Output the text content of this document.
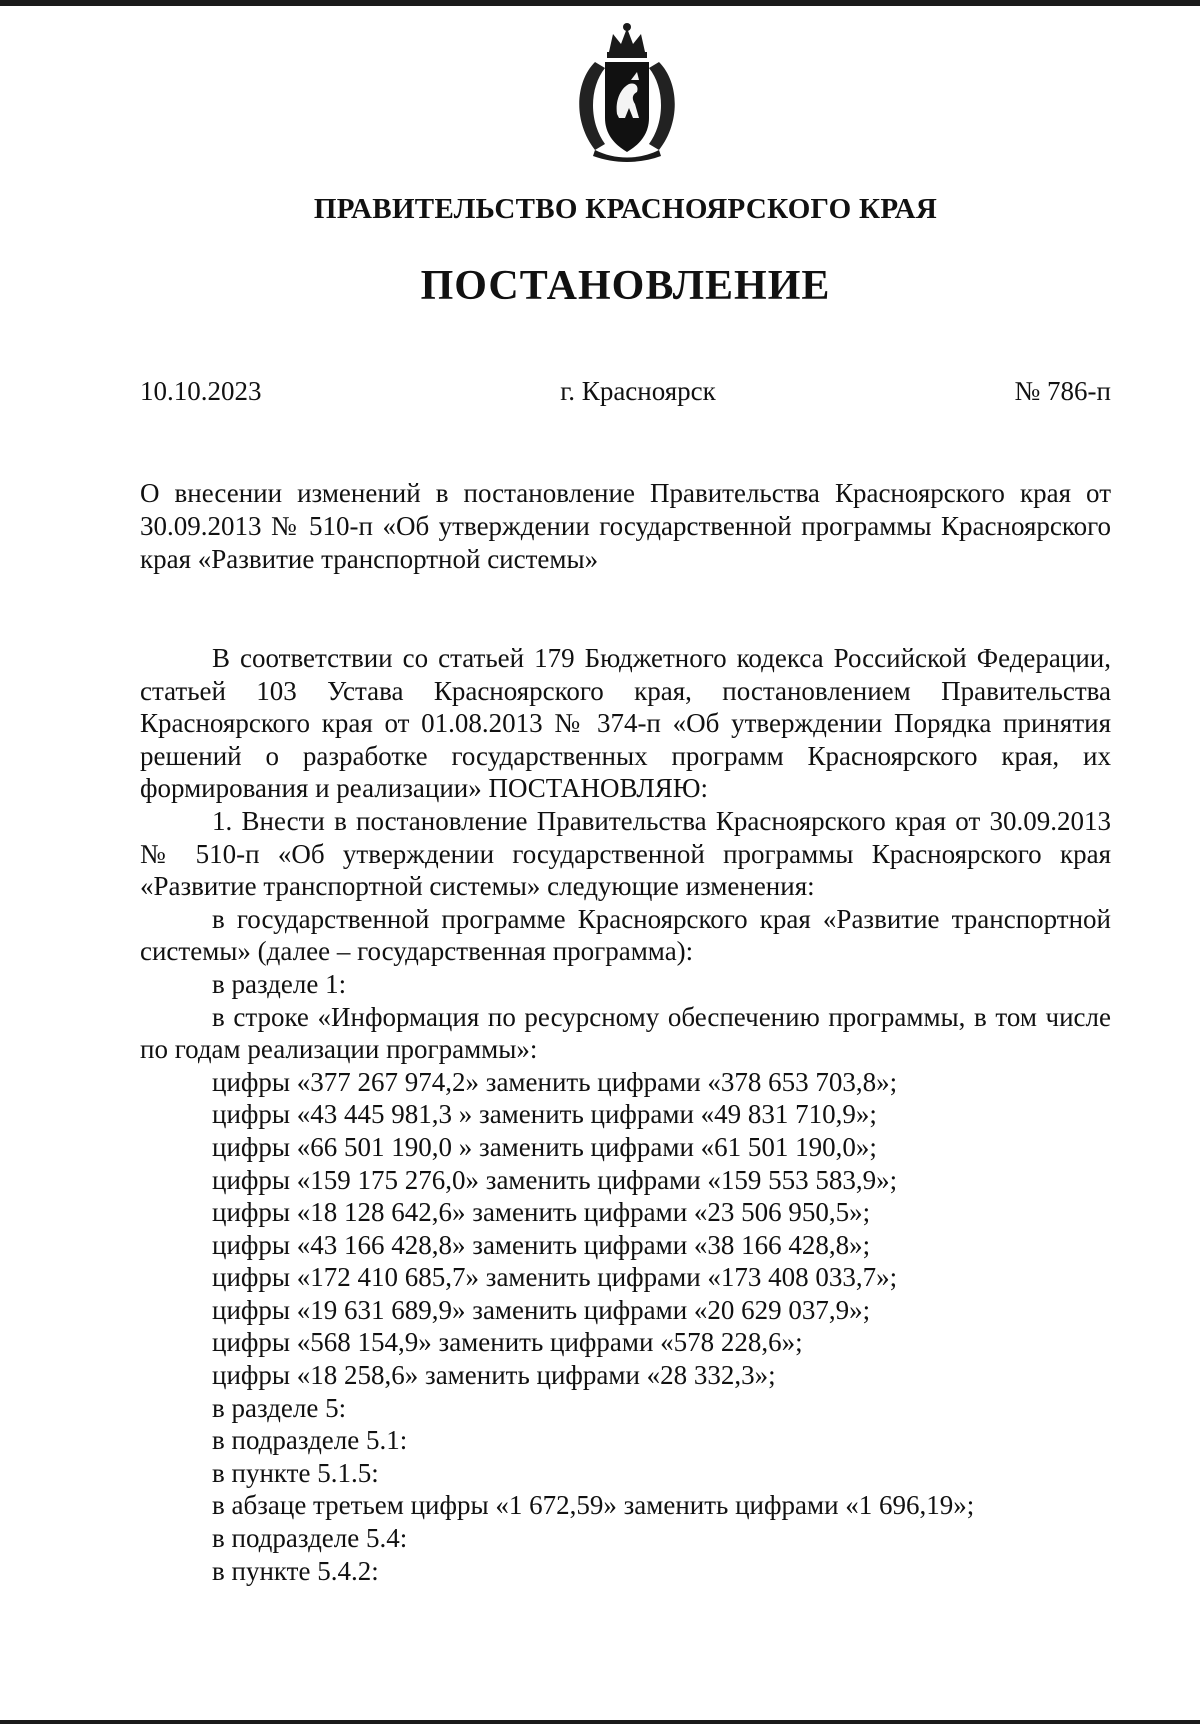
ПРАВИТЕЛЬСТВО КРАСНОЯРСКОГО КРАЯ
ПОСТАНОВЛЕНИЕ
10.10.2023	г. Красноярск	№ 786-п
О внесении изменений в постановление Правительства Красноярского края от 30.09.2013 № 510-п «Об утверждении государственной программы Красноярского края «Развитие транспортной системы»

В соответствии со статьей 179 Бюджетного кодекса Российской Федерации, статьей 103 Устава Красноярского края, постановлением Правительства Красноярского края от 01.08.2013 № 374-п «Об утверждении Порядка принятия решений о разработке государственных программ Красноярского края, их формирования и реализации» ПОСТАНОВЛЯЮ:

1. Внести в постановление Правительства Красноярского края от 30.09.2013 № 510-п «Об утверждении государственной программы Красноярского края «Развитие транспортной системы» следующие изменения:

в государственной программе Красноярского края «Развитие транспортной системы» (далее – государственная программа):

в разделе 1:

в строке «Информация по ресурсному обеспечению программы, в том числе по годам реализации программы»:

цифры «377 267 974,2» заменить цифрами «378 653 703,8»;

цифры «43 445 981,3 » заменить цифрами «49 831 710,9»;

цифры «66 501 190,0 » заменить цифрами «61 501 190,0»;

цифры «159 175 276,0» заменить цифрами «159 553 583,9»;

цифры «18 128 642,6» заменить цифрами «23 506 950,5»;

цифры «43 166 428,8» заменить цифрами «38 166 428,8»;

цифры «172 410 685,7» заменить цифрами «173 408 033,7»;

цифры «19 631 689,9» заменить цифрами «20 629 037,9»;

цифры «568 154,9» заменить цифрами «578 228,6»;

цифры «18 258,6» заменить цифрами «28 332,3»;

в разделе 5:

в подразделе 5.1:

в пункте 5.1.5:

в абзаце третьем цифры «1 672,59» заменить цифрами «1 696,19»;

в подразделе 5.4:

в пункте 5.4.2:
